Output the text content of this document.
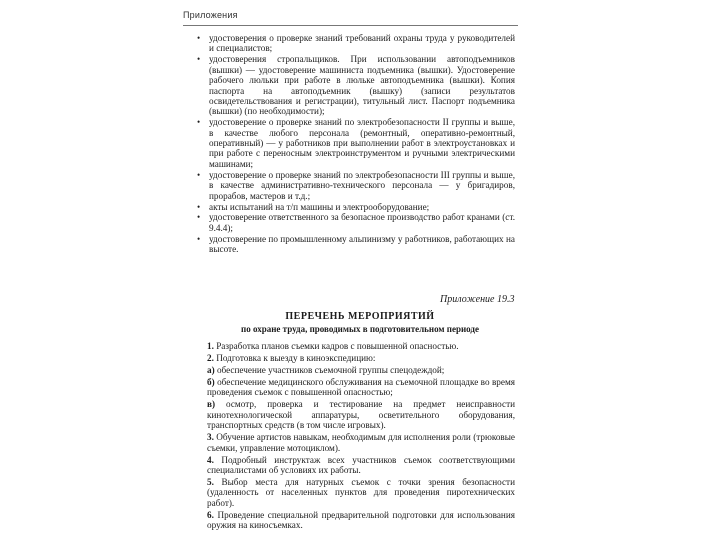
Приложения
• удостоверения о проверке знаний требований охраны труда у руководителей и специалистов;
• удостоверения стропальщиков. При использовании автоподъемников (вышки) — удостоверение машиниста подъемника (вышки). Удостоверение рабочего люльки при работе в люльке автоподъемника (вышки). Копия паспорта на автоподъемник (вышку) (записи результатов освидетельствования и регистрации), титульный лист. Паспорт подъемника (вышки) (по необходимости);
• удостоверение о проверке знаний по электробезопасности II группы и выше, в качестве любого персонала (ремонтный, оперативно-ремонтный, оперативный) — у работников при выполнении работ в электроустановках и при работе с переносным электроинструментом и ручными электрическими машинами;
• удостоверение о проверке знаний по электробезопасности III группы и выше, в качестве административно-технического персонала — у бригадиров, прорабов, мастеров и т.д.;
• акты испытаний на т/п машины и электрооборудование;
• удостоверение ответственного за безопасное производство работ кранами (ст. 9.4.4);
• удостоверение по промышленному альпинизму у работников, работающих на высоте.
Приложение 19.3
ПЕРЕЧЕНЬ МЕРОПРИЯТИЙ
по охране труда, проводимых в подготовительном периоде
1. Разработка планов съемки кадров с повышенной опасностью.
2. Подготовка к выезду в киноэкспедицию:
а) обеспечение участников съемочной группы спецодеждой;
б) обеспечение медицинского обслуживания на съемочной площадке во время проведения съемок с повышенной опасностью;
в) осмотр, проверка и тестирование на предмет неисправности кинотехнологической аппаратуры, осветительного оборудования, транспортных средств (в том числе игровых).
3. Обучение артистов навыкам, необходимым для исполнения роли (трюковые съемки, управление мотоциклом).
4. Подробный инструктаж всех участников съемок соответствующими специалистами об условиях их работы.
5. Выбор места для натурных съемок с точки зрения безопасности (удаленность от населенных пунктов для проведения пиротехнических работ).
6. Проведение специальной предварительной подготовки для использования оружия на киносъемках.
